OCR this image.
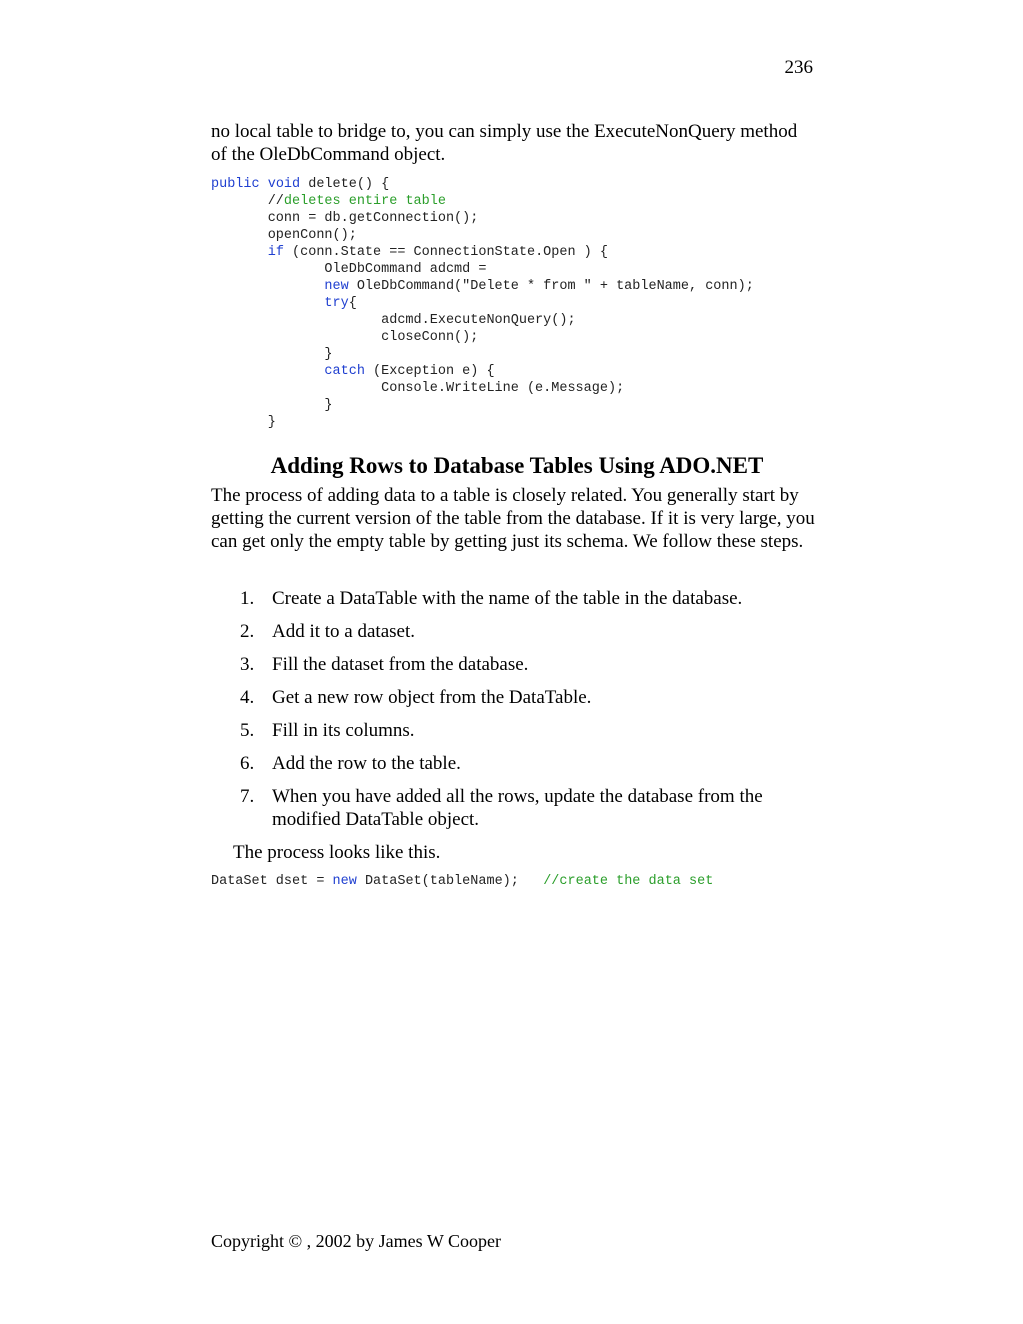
236

no local table to bridge to, you can simply use the ExecuteNonQuery method of the OleDbCommand object.

public void delete() {
//deletes entire table
conn = db.getConnection();
openConn();
if (conn.State == ConnectionState.Open ) {
OleDbCommand adcmd =
new OleDbCommand("Delete * from " + tableName, conn);
try{
adcmd.ExecuteNonQuery();
closeConn();
}
catch (Exception e) {
Console.WriteLine (e.Message);
}
}
Adding Rows to Database Tables Using ADO.NET

The process of adding data to a table is closely related. You generally start by getting the current version of the table from the database. If it is very large, you can get only the empty table by getting just its schema. We follow these steps.

1. Create a DataTable with the name of the table in the database.
2. Add it to a dataset.
3. Fill the dataset from the database.
4. Get a new row object from the DataTable.
5. Fill in its columns.
6. Add the row to the table.
7. When you have added all the rows, update the database from the modified DataTable object.

The process looks like this.

DataSet dset = new DataSet(tableName);   //create the data set
Copyright © , 2002 by James W Cooper
